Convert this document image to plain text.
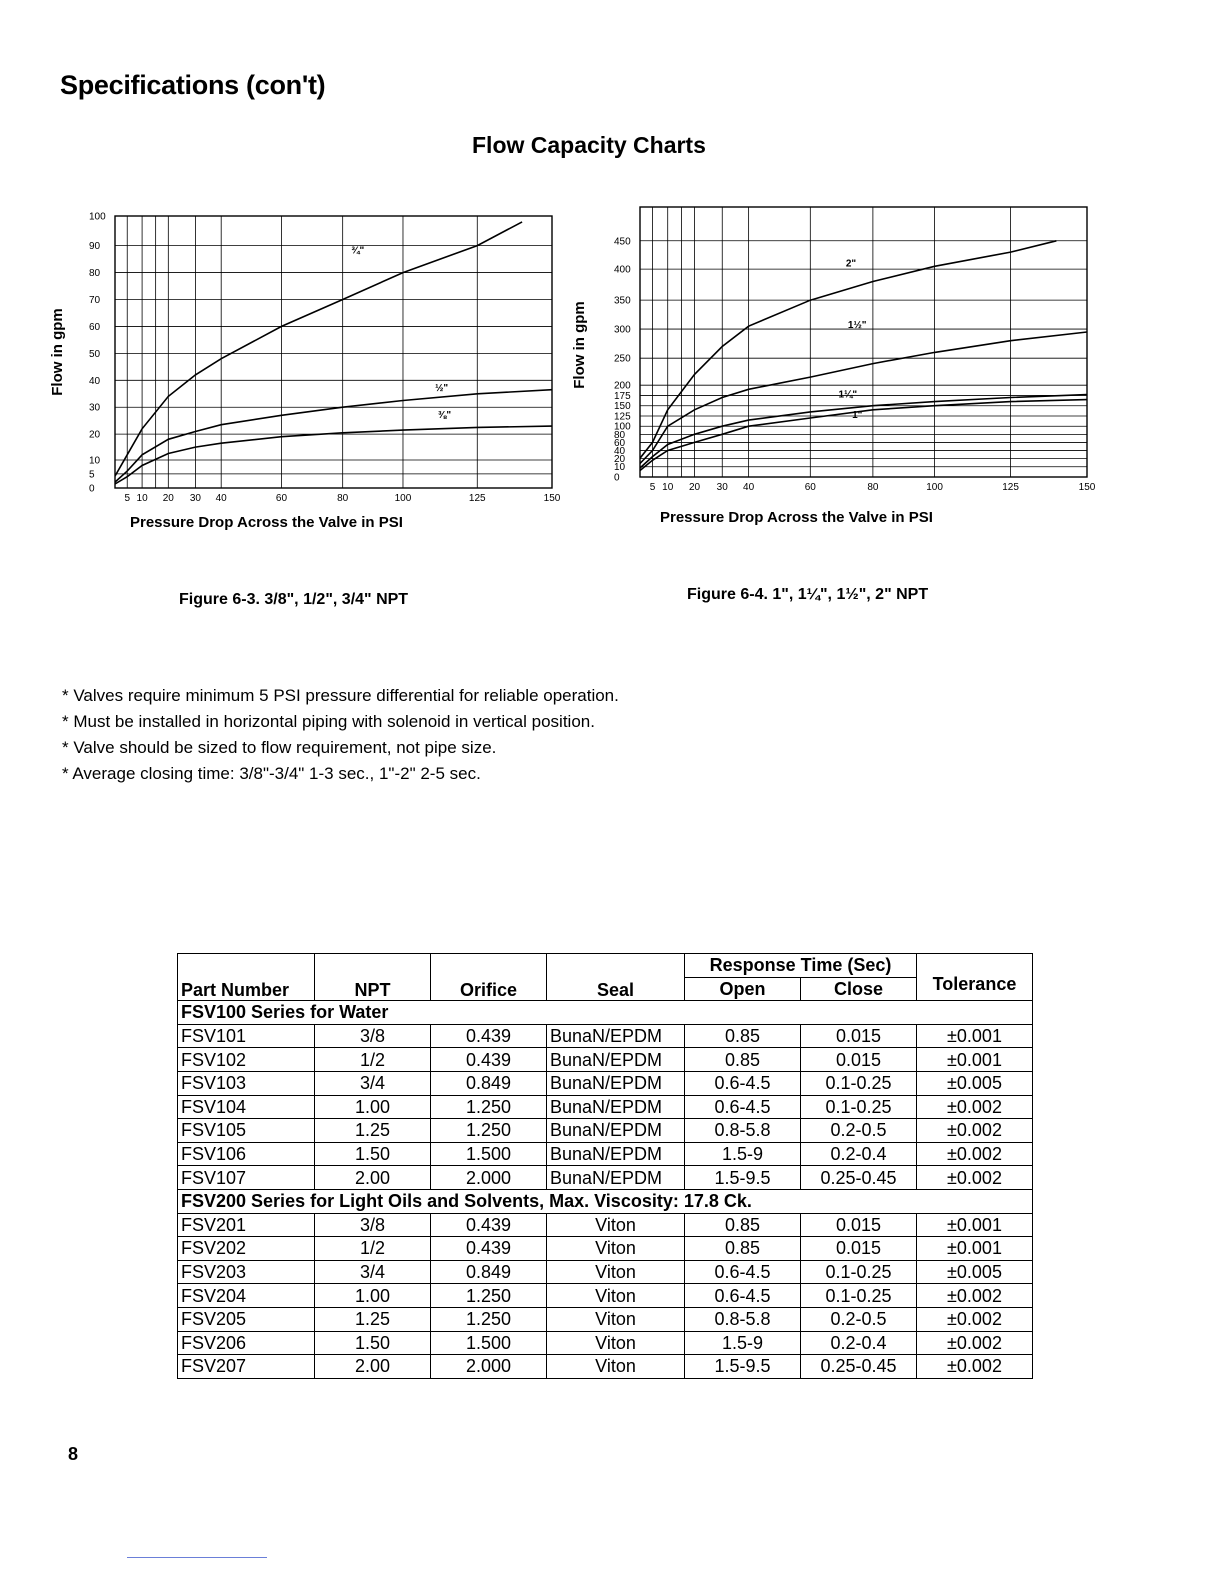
Specifications (con't)
Flow Capacity Charts
0
5
10
20
30
40
50
60
70
80
90
100
5 10 20 30 40	60	80	100	125	150
Pressure Drop Across the Valve in PSI
Flow in gpm
¾"
½"
⅜"
Figure 6-3. 3/8", 1/2", 3/4" NPT
0
10
20
40
60
80
100
125
150
175
200
250
300
350
400
450
5 10 20 30 40	60	80	100	125	150
Pressure Drop Across the Valve in PSI
Flow in gpm
2"
1½"
1¼"
1"
Figure 6-4. 1", 1¼", 1½", 2" NPT
* Valves require minimum 5 PSI pressure differential for reliable operation.
* Must be installed in horizontal piping with solenoid in vertical position.
* Valve should be sized to flow requirement, not pipe size.
* Average closing time: 3/8"-3/4" 1-3 sec., 1"-2" 2-5 sec.
Part Number	NPT	Orifice	Seal	Response Time (Sec)		Tolerance
				Open	Close	
FSV100 Series for Water						
FSV101	3/8	0.439	BunaN/EPDM	0.85	0.015	±0.001
FSV102	1/2	0.439	BunaN/EPDM	0.85	0.015	±0.001
FSV103	3/4	0.849	BunaN/EPDM	0.6-4.5	0.1-0.25	±0.005
FSV104	1.00	1.250	BunaN/EPDM	0.6-4.5	0.1-0.25	±0.002
FSV105	1.25	1.250	BunaN/EPDM	0.8-5.8	0.2-0.5	±0.002
FSV106	1.50	1.500	BunaN/EPDM	1.5-9	0.2-0.4	±0.002
FSV107	2.00	2.000	BunaN/EPDM	1.5-9.5	0.25-0.45	±0.002
FSV200 Series for Light Oils and Solvents, Max. Viscosity: 17.8 Ck.						
FSV201	3/8	0.439	Viton	0.85	0.015	±0.001
FSV202	1/2	0.439	Viton	0.85	0.015	±0.001
FSV203	3/4	0.849	Viton	0.6-4.5	0.1-0.25	±0.005
FSV204	1.00	1.250	Viton	0.6-4.5	0.1-0.25	±0.002
FSV205	1.25	1.250	Viton	0.8-5.8	0.2-0.5	±0.002
FSV206	1.50	1.500	Viton	1.5-9	0.2-0.4	±0.002
FSV207	2.00	2.000	Viton	1.5-9.5	0.25-0.45	±0.002
8
